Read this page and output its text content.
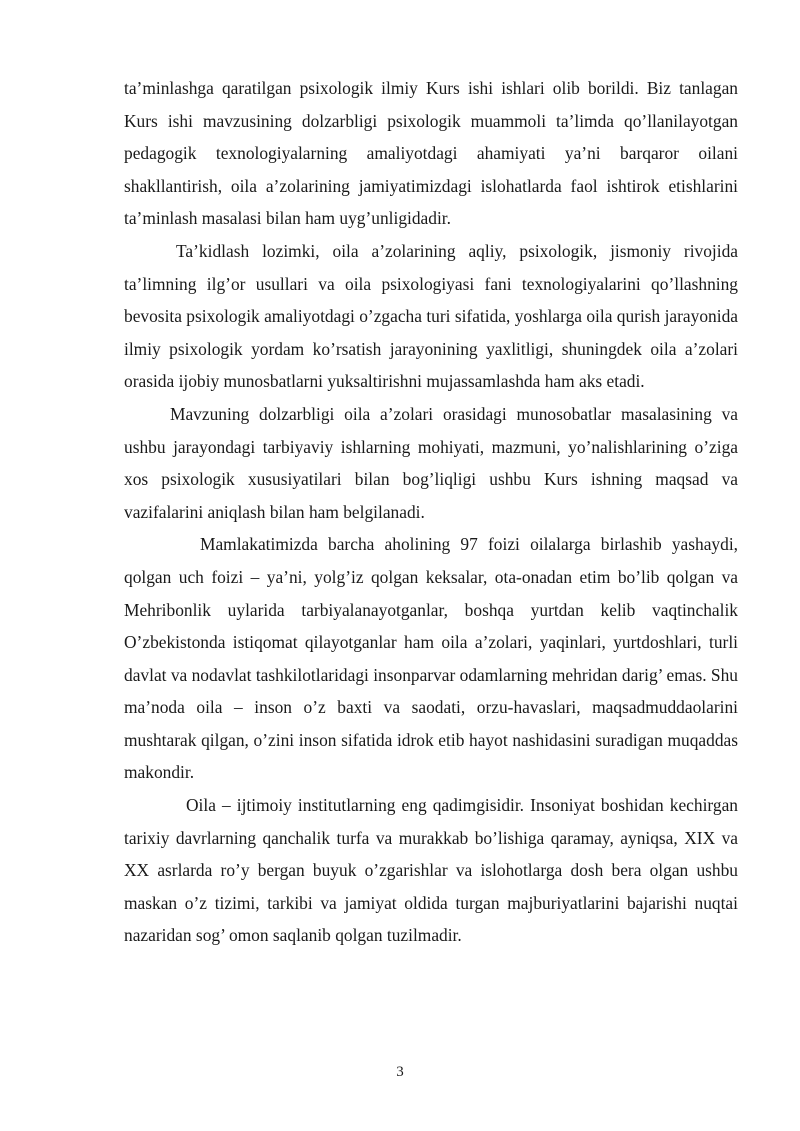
ta’minlashga qaratilgan psixologik ilmiy Kurs ishi ishlari olib borildi. Biz tanlagan Kurs ishi mavzusining dolzarbligi psixologik muammoli ta’limda qo’llanilayotgan pedagogik texnologiyalarning amaliyotdagi ahamiyati ya’ni barqaror oilani shakllantirish, oila a’zolarining jamiyatimizdagi islohatlarda faol ishtirok etishlarini ta’minlash masalasi bilan ham uyg’unligidadir.

Ta’kidlash lozimki, oila a’zolarining aqliy, psixologik, jismoniy rivojida ta’limning ilg’or usullari va oila psixologiyasi fani texnologiyalarini qo’llashning bevosita psixologik amaliyotdagi o’zgacha turi sifatida, yoshlarga oila qurish jarayonida ilmiy psixologik yordam ko’rsatish jarayonining yaxlitligi, shuningdek oila a’zolari orasida ijobiy munosbatlarni yuksaltirishni mujassamlashda ham aks etadi.

Mavzuning dolzarbligi oila a’zolari orasidagi munosobatlar masalasining va ushbu jarayondagi tarbiyaviy ishlarning mohiyati, mazmuni, yo’nalishlarining o’ziga xos psixologik xususiyatilari bilan bog’liqligi ushbu Kurs ishning maqsad va vazifalarini aniqlash bilan ham belgilanadi.

Mamlakatimizda barcha aholining 97 foizi oilalarga birlashib yashaydi, qolgan uch foizi – ya’ni, yolg’iz qolgan keksalar, ota-onadan etim bo’lib qolgan va Mehribonlik uylarida tarbiyalanayotganlar, boshqa yurtdan kelib vaqtinchalik O’zbekistonda istiqomat qilayotganlar ham oila a’zolari, yaqinlari, yurtdoshlari, turli davlat va nodavlat tashkilotlaridagi insonparvar odamlarning mehridan darig’ emas. Shu ma’noda oila – inson o’z baxti va saodati, orzu-havaslari, maqsadmuddaolarini mushtarak qilgan, o’zini inson sifatida idrok etib hayot nashidasini suradigan muqaddas makondir.

Oila – ijtimoiy institutlarning eng qadimgisidir. Insoniyat boshidan kechirgan tarixiy davrlarning qanchalik turfa va murakkab bo’lishiga qaramay, ayniqsa, XIX va XX asrlarda ro’y bergan buyuk o’zgarishlar va islohotlarga dosh bera olgan ushbu maskan o’z tizimi, tarkibi va jamiyat oldida turgan majburiyatlarini bajarishi nuqtai nazaridan sog’ omon saqlanib qolgan tuzilmadir.

3
